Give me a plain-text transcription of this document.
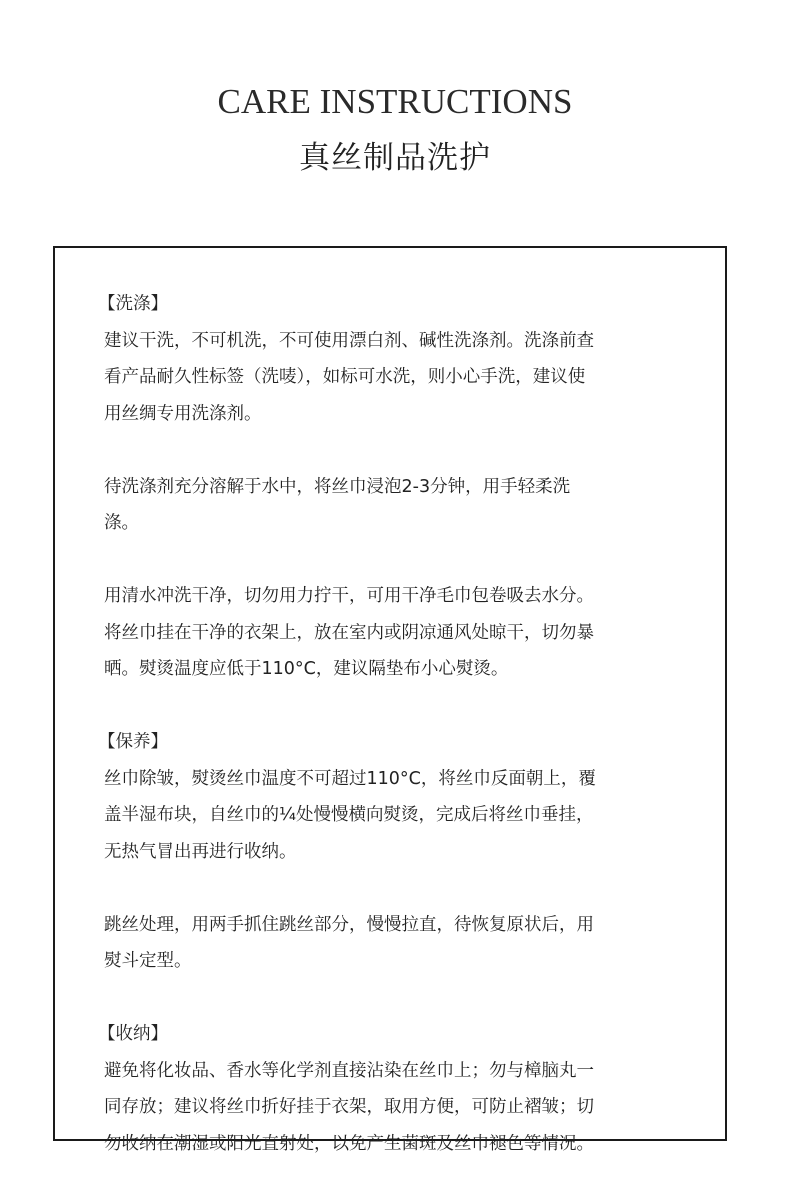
CARE INSTRUCTIONS
真丝制品洗护
【洗涤】
建议干洗，不可机洗，不可使用漂白剂、碱性洗涤剂。洗涤前查
看产品耐久性标签（洗唛），如标可水洗，则小心手洗，建议使
用丝绸专用洗涤剂。
待洗涤剂充分溶解于水中，将丝巾浸泡2-3分钟，用手轻柔洗
涤。
用清水冲洗干净，切勿用力拧干，可用干净毛巾包卷吸去水分。
将丝巾挂在干净的衣架上，放在室内或阴凉通风处晾干，切勿暴
晒。熨烫温度应低于110°C，建议隔垫布小心熨烫。
【保养】
丝巾除皱，熨烫丝巾温度不可超过110°C，将丝巾反面朝上，覆
盖半湿布块，自丝巾的¼处慢慢横向熨烫，完成后将丝巾垂挂，
无热气冒出再进行收纳。
跳丝处理，用两手抓住跳丝部分，慢慢拉直，待恢复原状后，用
熨斗定型。
【收纳】
避免将化妆品、香水等化学剂直接沾染在丝巾上；勿与樟脑丸一
同存放；建议将丝巾折好挂于衣架，取用方便，可防止褶皱；切
勿收纳在潮湿或阳光直射处，以免产生菌斑及丝巾褪色等情况。
